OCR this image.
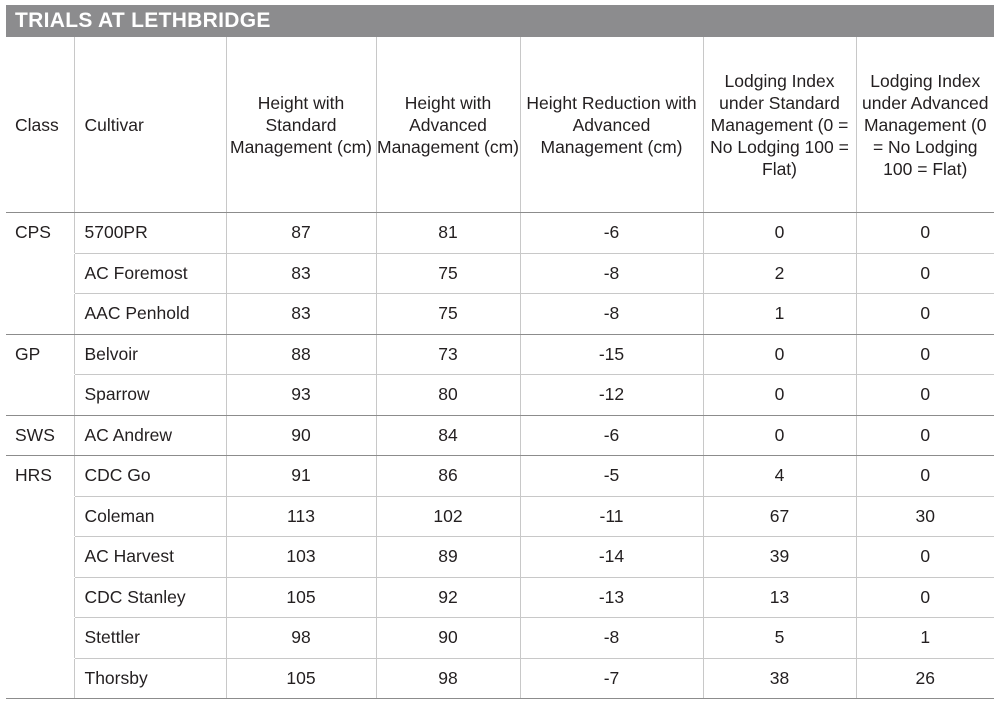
TRIALS AT LETHBRIDGE
Class	Cultivar	Height with Standard Management (cm)	Height with Advanced Management (cm)	Height Reduction with Advanced Management (cm)	Lodging Index under Standard Management (0 = No Lodging 100 = Flat)	Lodging Index under Advanced Management (0 = No Lodging 100 = Flat)
CPS	5700PR	87	81	-6	0	0
	AC Foremost	83	75	-8	2	0
	AAC Penhold	83	75	-8	1	0
GP	Belvoir	88	73	-15	0	0
	Sparrow	93	80	-12	0	0
SWS	AC Andrew	90	84	-6	0	0
HRS	CDC Go	91	86	-5	4	0
	Coleman	113	102	-11	67	30
	AC Harvest	103	89	-14	39	0
	CDC Stanley	105	92	-13	13	0
	Stettler	98	90	-8	5	1
	Thorsby	105	98	-7	38	26
